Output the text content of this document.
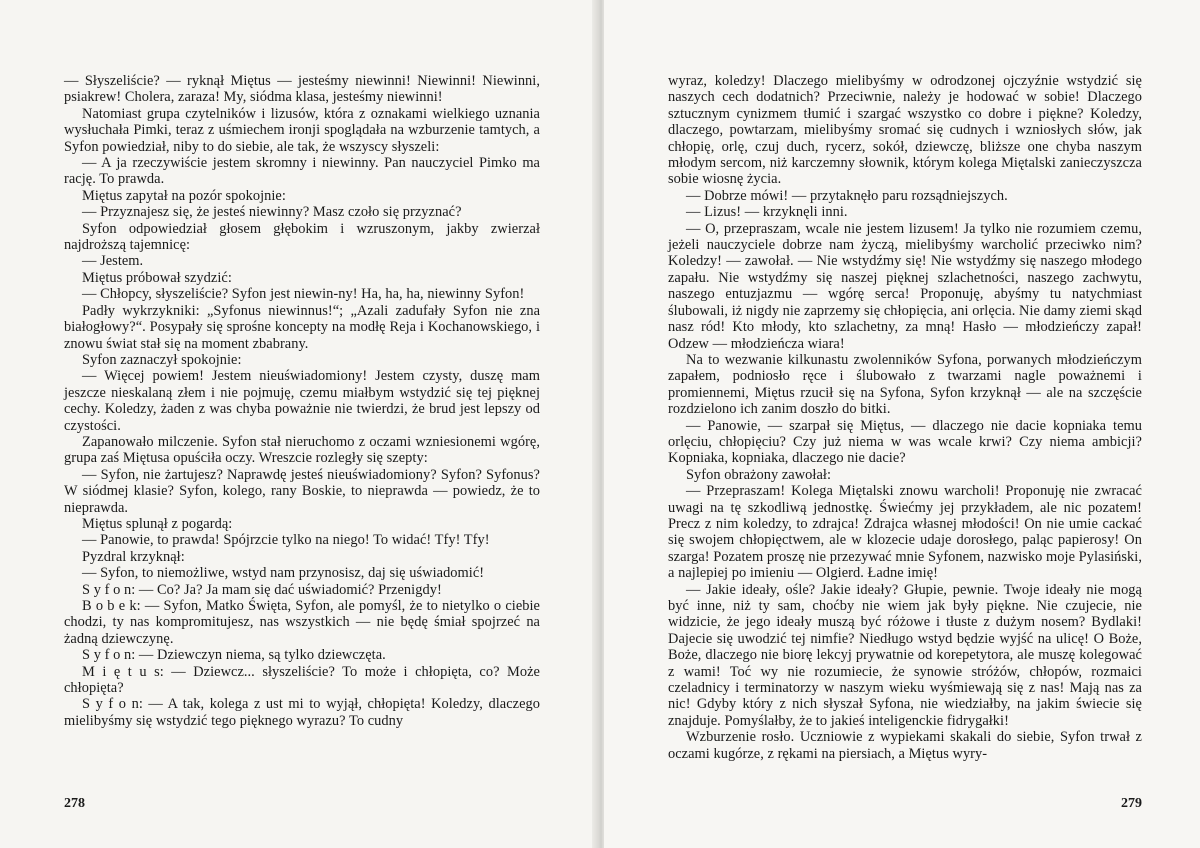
— Słyszeliście? — ryknął Miętus — jesteśmy niewinni! Niewinni! Niewinni, psiakrew! Cholera, zaraza! My, siódma klasa, jesteśmy niewinni!

Natomiast grupa czytelników i lizusów, która z oznakami wielkiego uznania wysłuchała Pimki, teraz z uśmiechem ironji spoglądała na wzburzenie tamtych, a Syfon powiedział, niby to do siebie, ale tak, że wszyscy słyszeli:

— A ja rzeczywiście jestem skromny i niewinny. Pan nauczyciel Pimko ma rację. To prawda.

Miętus zapytał na pozór spokojnie:

— Przyznajesz się, że jesteś niewinny? Masz czoło się przyznać?

Syfon odpowiedział głosem głębokim i wzruszonym, jakby zwierzał najdroższą tajemnicę:

— Jestem.

Miętus próbował szydzić:

— Chłopcy, słyszeliście? Syfon jest niewin-ny! Ha, ha, ha, niewinny Syfon!

Padły wykrzykniki: „Syfonus niewinnus!“; „Azali zadufały Syfon nie zna białogłowy?“. Posypały się sprośne koncepty na modłę Reja i Kochanowskiego, i znowu świat stał się na moment zbabrany.

Syfon zaznaczył spokojnie:

— Więcej powiem! Jestem nieuświadomiony! Jestem czysty, duszę mam jeszcze nieskalaną złem i nie pojmuję, czemu miałbym wstydzić się tej pięknej cechy. Koledzy, żaden z was chyba poważnie nie twierdzi, że brud jest lepszy od czystości.

Zapanowało milczenie. Syfon stał nieruchomo z oczami wzniesionemi wgórę, grupa zaś Miętusa opuściła oczy. Wreszcie rozległy się szepty:

— Syfon, nie żartujesz? Naprawdę jesteś nieuświadomiony? Syfon? Syfonus? W siódmej klasie? Syfon, kolego, rany Boskie, to nieprawda — powiedz, że to nieprawda.

Miętus splunął z pogardą:

— Panowie, to prawda! Spójrzcie tylko na niego! To widać! Tfy! Tfy!

Pyzdral krzyknął:

— Syfon, to niemożliwe, wstyd nam przynosisz, daj się uświadomić!

S y f o n: — Co? Ja? Ja mam się dać uświadomić? Przenigdy!

B o b e k: — Syfon, Matko Święta, Syfon, ale pomyśl, że to nietylko o ciebie chodzi, ty nas kompromitujesz, nas wszystkich — nie będę śmiał spojrzeć na żadną dziewczynę.

S y f o n: — Dziewczyn niema, są tylko dziewczęta.

M i ę t u s: — Dziewcz... słyszeliście? To może i chłopięta, co? Może chłopięta?

S y f o n: — A tak, kolega z ust mi to wyjął, chłopięta! Koledzy, dlaczego mielibyśmy się wstydzić tego pięknego wyrazu? To cudny

278

wyraz, koledzy! Dlaczego mielibyśmy w odrodzonej ojczyźnie wstydzić się naszych cech dodatnich? Przeciwnie, należy je hodować w sobie! Dlaczego sztucznym cynizmem tłumić i szargać wszystko co dobre i piękne? Koledzy, dlaczego, powtarzam, mielibyśmy sromać się cudnych i wzniosłych słów, jak chłopię, orlę, czuj duch, rycerz, sokół, dziewczę, bliższe one chyba naszym młodym sercom, niż karczemny słownik, którym kolega Miętalski zanieczyszcza sobie wiosnę życia.

— Dobrze mówi! — przytaknęło paru rozsądniejszych.

— Lizus! — krzyknęli inni.

— O, przepraszam, wcale nie jestem lizusem! Ja tylko nie rozumiem czemu, jeżeli nauczyciele dobrze nam życzą, mielibyśmy warcholić przeciwko nim? Koledzy! — zawołał. — Nie wstydźmy się! Nie wstydźmy się naszego młodego zapału. Nie wstydźmy się naszej pięknej szlachetności, naszego zachwytu, naszego entuzjazmu — wgórę serca! Proponuję, abyśmy tu natychmiast ślubowali, iż nigdy nie zaprzemy się chłopięcia, ani orlęcia. Nie damy ziemi skąd nasz ród! Kto młody, kto szlachetny, za mną! Hasło — młodzieńczy zapał! Odzew — młodzieńcza wiara!

Na to wezwanie kilkunastu zwolenników Syfona, porwanych młodzieńczym zapałem, podniosło ręce i ślubowało z twarzami nagle poważnemi i promiennemi, Miętus rzucił się na Syfona, Syfon krzyknął — ale na szczęście rozdzielono ich zanim doszło do bitki.

— Panowie, — szarpał się Miętus, — dlaczego nie dacie kopniaka temu orlęciu, chłopięciu? Czy już niema w was wcale krwi? Czy niema ambicji? Kopniaka, kopniaka, dlaczego nie dacie?

Syfon obrażony zawołał:

— Przepraszam! Kolega Miętalski znowu warcholi! Proponuję nie zwracać uwagi na tę szkodliwą jednostkę. Świećmy jej przykładem, ale nic pozatem! Precz z nim koledzy, to zdrajca! Zdrajca własnej młodości! On nie umie cackać się swojem chłopięctwem, ale w klozecie udaje dorosłego, paląc papierosy! On szarga! Pozatem proszę nie przezywać mnie Syfonem, nazwisko moje Pylasiński, a najlepiej po imieniu — Olgierd. Ładne imię!

— Jakie ideały, ośle? Jakie ideały? Głupie, pewnie. Twoje ideały nie mogą być inne, niż ty sam, choćby nie wiem jak były piękne. Nie czujecie, nie widzicie, że jego ideały muszą być różowe i tłuste z dużym nosem? Bydlaki! Dajecie się uwodzić tej nimfie? Niedługo wstyd będzie wyjść na ulicę! O Boże, Boże, dlaczego nie biorę lekcyj prywatnie od korepetytora, ale muszę kolegować z wami! Toć wy nie rozumiecie, że synowie stróżów, chłopów, rozmaici czeladnicy i terminatorzy w naszym wieku wyśmiewają się z nas! Mają nas za nic! Gdyby który z nich słyszał Syfona, nie wiedziałby, na jakim świecie się znajduje. Pomyślałby, że to jakieś inteligenckie fidrygałki!

Wzburzenie rosło. Uczniowie z wypiekami skakali do siebie, Syfon trwał z oczami kugórze, z rękami na piersiach, a Miętus wyry-

279
